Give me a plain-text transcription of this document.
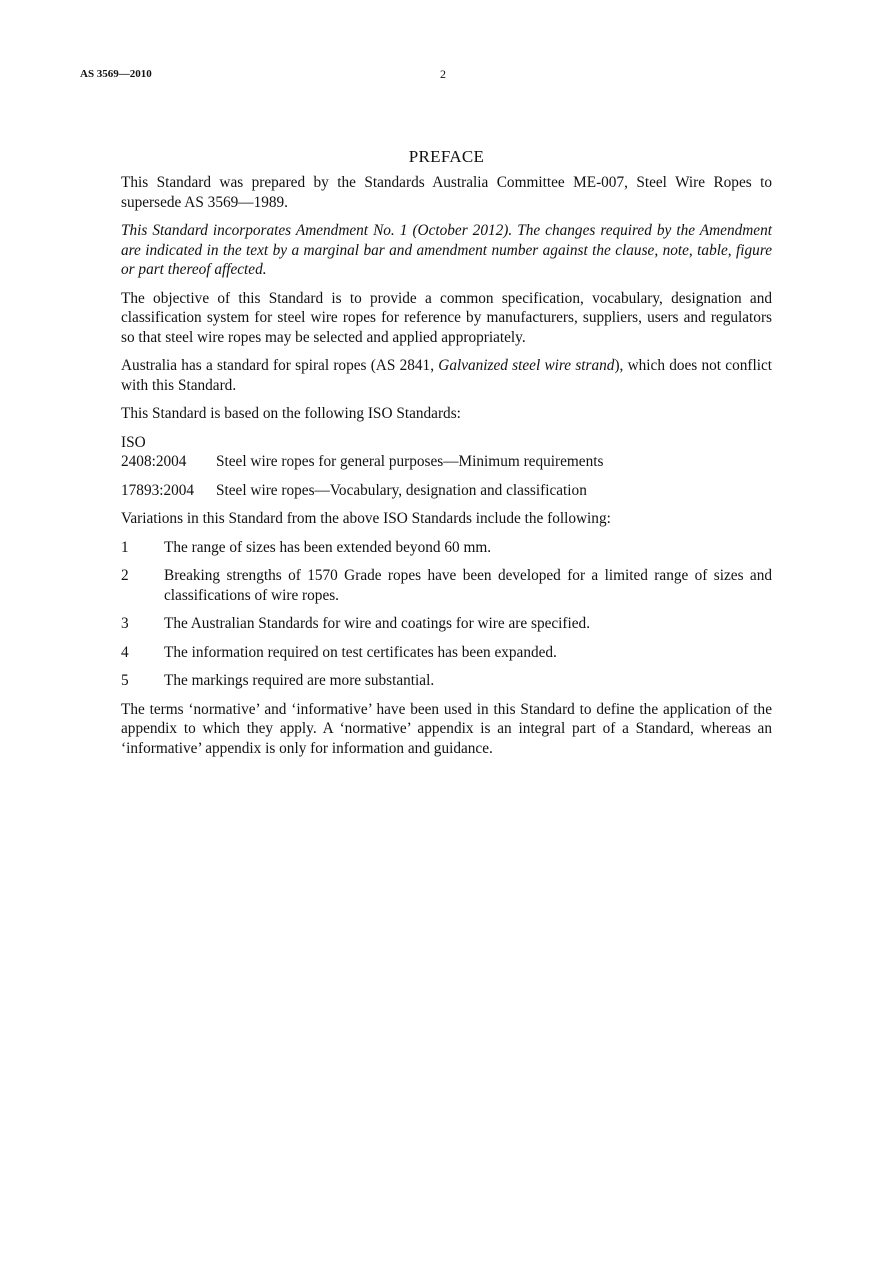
AS 3569—2010	2
PREFACE

This Standard was prepared by the Standards Australia Committee ME-007, Steel Wire Ropes to supersede AS 3569—1989.

This Standard incorporates Amendment No. 1 (October 2012). The changes required by the Amendment are indicated in the text by a marginal bar and amendment number against the clause, note, table, figure or part thereof affected.

The objective of this Standard is to provide a common specification, vocabulary, designation and classification system for steel wire ropes for reference by manufacturers, suppliers, users and regulators so that steel wire ropes may be selected and applied appropriately.

Australia has a standard for spiral ropes (AS 2841, Galvanized steel wire strand), which does not conflict with this Standard.

This Standard is based on the following ISO Standards:

ISO
2408:2004	Steel wire ropes for general purposes—Minimum requirements
17893:2004	Steel wire ropes—Vocabulary, designation and classification

Variations in this Standard from the above ISO Standards include the following:

1	The range of sizes has been extended beyond 60 mm.
2	Breaking strengths of 1570 Grade ropes have been developed for a limited range of sizes and classifications of wire ropes.
3	The Australian Standards for wire and coatings for wire are specified.
4	The information required on test certificates has been expanded.
5	The markings required are more substantial.

The terms ‘normative’ and ‘informative’ have been used in this Standard to define the application of the appendix to which they apply. A ‘normative’ appendix is an integral part of a Standard, whereas an ‘informative’ appendix is only for information and guidance.
